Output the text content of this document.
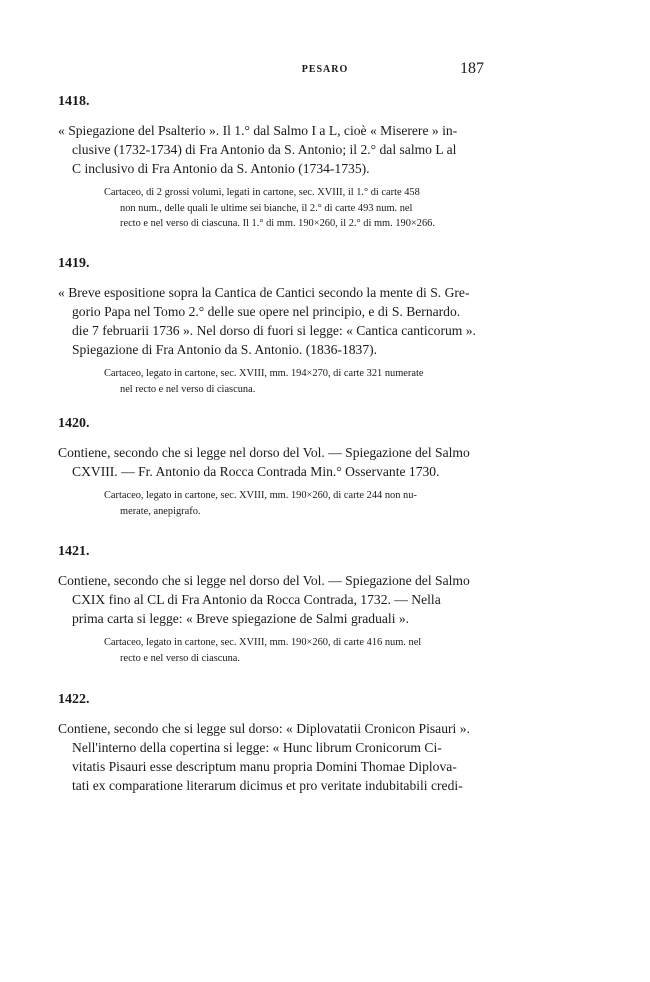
PESARO	187
1418.
« Spiegazione del Psalterio ». Il 1.° dal Salmo I a L, cioè « Miserere » in-
clusive (1732-1734) di Fra Antonio da S. Antonio; il 2.° dal salmo L al
C inclusivo di Fra Antonio da S. Antonio (1734-1735).
Cartaceo, di 2 grossi volumi, legati in cartone, sec. XVIII, il 1.° di carte 458
non num., delle quali le ultime sei bianche, il 2.° di carte 493 num. nel
recto e nel verso di ciascuna. Il 1.° di mm. 190×260, il 2.° di mm. 190×266.
1419.
« Breve espositione sopra la Cantica de Cantici secondo la mente di S. Gre-
gorio Papa nel Tomo 2.° delle sue opere nel principio, e di S. Bernardo.
die 7 februarii 1736 ». Nel dorso di fuori si legge: « Cantica canticorum ».
Spiegazione di Fra Antonio da S. Antonio. (1836-1837).
Cartaceo, legato in cartone, sec. XVIII, mm. 194×270, di carte 321 numerate
nel recto e nel verso di ciascuna.
1420.
Contiene, secondo che si legge nel dorso del Vol. — Spiegazione del Salmo
CXVIII. — Fr. Antonio da Rocca Contrada Min.° Osservante 1730.
Cartaceo, legato in cartone, sec. XVIII, mm. 190×260, di carte 244 non nu-
merate, anepigrafo.
1421.
Contiene, secondo che si legge nel dorso del Vol. — Spiegazione del Salmo
CXIX fino al CL di Fra Antonio da Rocca Contrada, 1732. — Nella
prima carta si legge: « Breve spiegazione de Salmi graduali ».
Cartaceo, legato in cartone, sec. XVIII, mm. 190×260, di carte 416 num. nel
recto e nel verso di ciascuna.
1422.
Contiene, secondo che si legge sul dorso: « Diplovatatii Cronicon Pisauri ».
Nell'interno della copertina si legge: « Hunc librum Cronicorum Ci-
vitatis Pisauri esse descriptum manu propria Domini Thomae Diplova-
tati ex comparatione literarum dicimus et pro veritate indubitabili credi-
